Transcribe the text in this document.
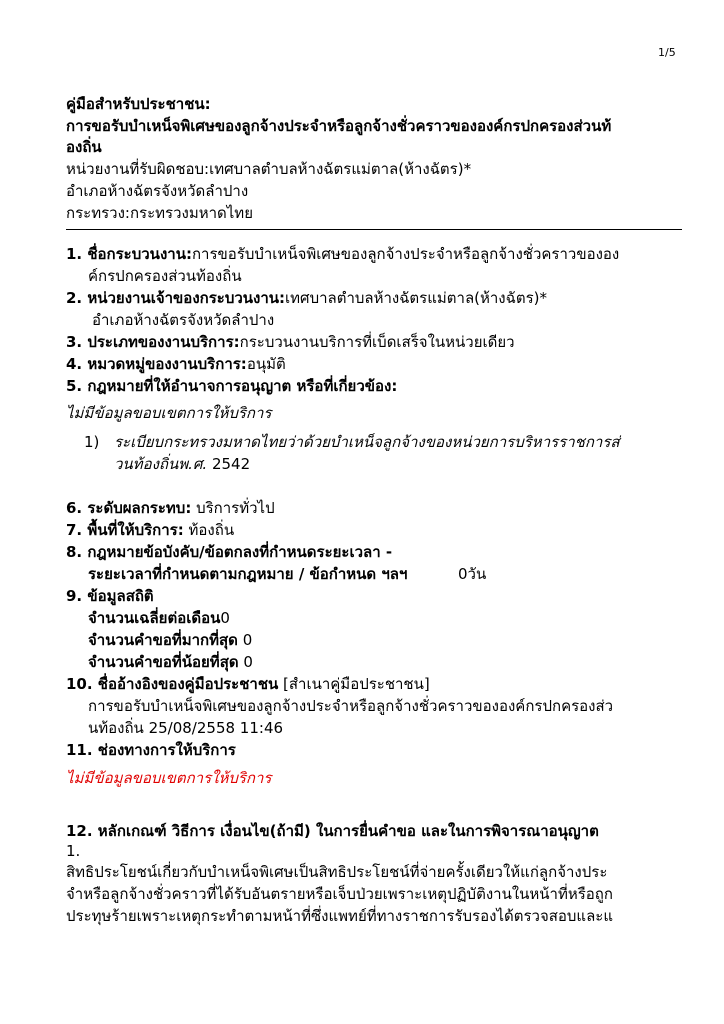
1/5
คู่มือสำหรับประชาชน:
การขอรับบำเหน็จพิเศษของลูกจ้างประจำหรือลูกจ้างชั่วคราวขององค์กรปกครองส่วนท้
องถิ่น
หน่วยงานที่รับผิดชอบ:เทศบาลตำบลห้างฉัตรแม่ตาล(ห้างฉัตร)*
อำเภอห้างฉัตรจังหวัดลำปาง
กระทรวง:กระทรวงมหาดไทย
1. ชื่อกระบวนงาน:การขอรับบำเหน็จพิเศษของลูกจ้างประจำหรือลูกจ้างชั่วคราวขององ
ค์กรปกครองส่วนท้องถิ่น
2. หน่วยงานเจ้าของกระบวนงาน:เทศบาลตำบลห้างฉัตรแม่ตาล(ห้างฉัตร)*
อำเภอห้างฉัตรจังหวัดลำปาง
3. ประเภทของงานบริการ:กระบวนงานบริการที่เบ็ดเสร็จในหน่วยเดียว
4. หมวดหมู่ของงานบริการ:อนุมัติ
5. กฎหมายที่ให้อำนาจการอนุญาต หรือที่เกี่ยวข้อง:
ไม่มีข้อมูลขอบเขตการให้บริการ
1) ระเบียบกระทรวงมหาดไทยว่าด้วยบำเหน็จลูกจ้างของหน่วยการบริหารราชการส่
วนท้องถิ่นพ.ศ. 2542
6. ระดับผลกระทบ: บริการทั่วไป
7. พื้นที่ให้บริการ: ท้องถิ่น
8. กฎหมายข้อบังคับ/ข้อตกลงที่กำหนดระยะเวลา -
ระยะเวลาที่กำหนดตามกฎหมาย / ข้อกำหนด ฯลฯ	0วัน
9. ข้อมูลสถิติ
จำนวนเฉลี่ยต่อเดือน0
จำนวนคำขอที่มากที่สุด 0
จำนวนคำขอที่น้อยที่สุด 0
10. ชื่ออ้างอิงของคู่มือประชาชน [สำเนาคู่มือประชาชน]
การขอรับบำเหน็จพิเศษของลูกจ้างประจำหรือลูกจ้างชั่วคราวขององค์กรปกครองส่ว
นท้องถิ่น 25/08/2558 11:46
11. ช่องทางการให้บริการ
ไม่มีข้อมูลขอบเขตการให้บริการ
12. หลักเกณฑ์ วิธีการ เงื่อนไข(ถ้ามี) ในการยื่นคำขอ และในการพิจารณาอนุญาต
1.
สิทธิประโยชน์เกี่ยวกับบำเหน็จพิเศษเป็นสิทธิประโยชน์ที่จ่ายครั้งเดียวให้แก่ลูกจ้างประ
จำหรือลูกจ้างชั่วคราวที่ได้รับอันตรายหรือเจ็บป่วยเพราะเหตุปฏิบัติงานในหน้าที่หรือถูก
ประทุษร้ายเพราะเหตุกระทำตามหน้าที่ซึ่งแพทย์ที่ทางราชการรับรองได้ตรวจสอบและแ
